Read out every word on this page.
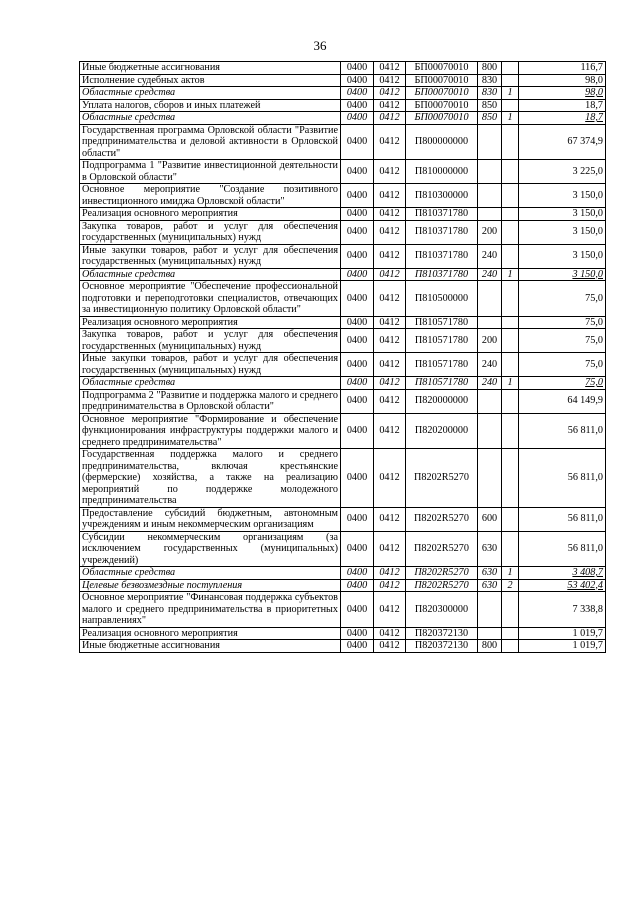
36
Иные бюджетные ассигнования	0400	0412	БП00070010	800		116,7
Исполнение судебных актов	0400	0412	БП00070010	830		98,0
Областные средства	0400	0412	БП00070010	830	1	98,0
Уплата налогов, сборов и иных платежей	0400	0412	БП00070010	850		18,7
Областные средства	0400	0412	БП00070010	850	1	18,7
Государственная программа Орловской области "Развитие предпринимательства и деловой активности в Орловской области"	0400	0412	П800000000			67 374,9
Подпрограмма 1 "Развитие инвестиционной деятельности в Орловской области"	0400	0412	П810000000			3 225,0
Основное мероприятие "Создание позитивного инвестиционного имиджа Орловской области"	0400	0412	П810300000			3 150,0
Реализация основного мероприятия	0400	0412	П810371780			3 150,0
Закупка товаров, работ и услуг для обеспечения государственных (муниципальных) нужд	0400	0412	П810371780	200		3 150,0
Иные закупки товаров, работ и услуг для обеспечения государственных (муниципальных) нужд	0400	0412	П810371780	240		3 150,0
Областные средства	0400	0412	П810371780	240	1	3 150,0
Основное мероприятие "Обеспечение профессиональной подготовки и переподготовки специалистов, отвечающих за инвестиционную политику Орловской области"	0400	0412	П810500000			75,0
Реализация основного мероприятия	0400	0412	П810571780			75,0
Закупка товаров, работ и услуг для обеспечения государственных (муниципальных) нужд	0400	0412	П810571780	200		75,0
Иные закупки товаров, работ и услуг для обеспечения государственных (муниципальных) нужд	0400	0412	П810571780	240		75,0
Областные средства	0400	0412	П810571780	240	1	75,0
Подпрограмма 2 "Развитие и поддержка малого и среднего предпринимательства в Орловской области"	0400	0412	П820000000			64 149,9
Основное мероприятие "Формирование и обеспечение функционирования инфраструктуры поддержки малого и среднего предпринимательства"	0400	0412	П820200000			56 811,0
Государственная поддержка малого и среднего предпринимательства, включая крестьянские (фермерские) хозяйства, а также на реализацию мероприятий по поддержке молодежного предпринимательства	0400	0412	П8202R5270			56 811,0
Предоставление субсидий бюджетным, автономным учреждениям и иным некоммерческим организациям	0400	0412	П8202R5270	600		56 811,0
Субсидии некоммерческим организациям (за исключением государственных (муниципальных) учреждений)	0400	0412	П8202R5270	630		56 811,0
Областные средства	0400	0412	П8202R5270	630	1	3 408,7
Целевые безвозмездные поступления	0400	0412	П8202R5270	630	2	53 402,4
Основное мероприятие "Финансовая поддержка субъектов малого и среднего предпринимательства в приоритетных направлениях"	0400	0412	П820300000			7 338,8
Реализация основного мероприятия	0400	0412	П820372130			1 019,7
Иные бюджетные ассигнования	0400	0412	П820372130	800		1 019,7
